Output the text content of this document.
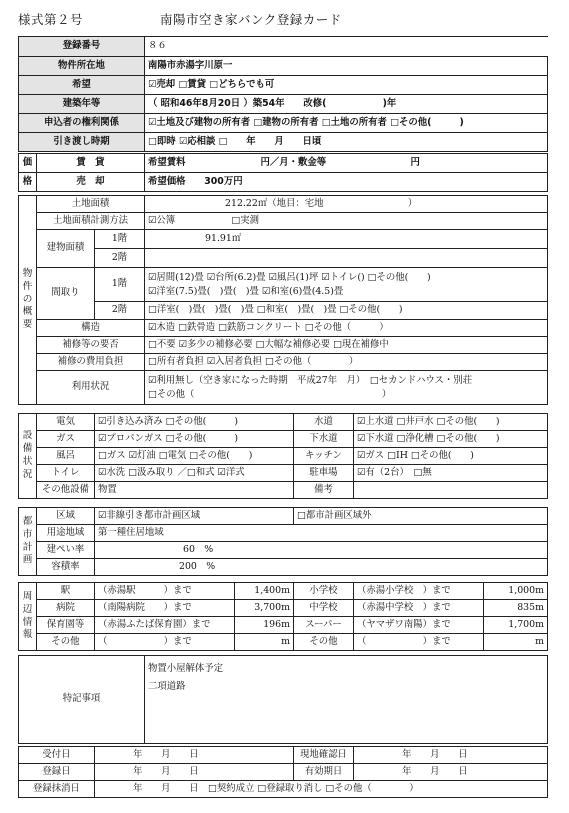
様式第２号	南陽市空き家バンク登録カード
登録番号	８６
物件所在地	南陽市赤湯字川原一
希望	☑売却 □賃貸 □どちらでも可
建築年等	（ 昭和46年8月20日 ）築54年　　改修(　　　　　　)年
申込者の権利関係	☑土地及び建物の所有者 □建物の所有者 □土地の所有者 □その他(　　　)
引き渡し時期	□即時 ☑応相談 □　　年　　月　　日頃
価	賃　貸	希望賃料　　　　　　　　円／月・敷金等　　　　　　　　　円
格	売　却	希望価格　　300万円
物
件
の
概
要	土地面積		212.22㎡（地目：宅地　　　　　　　　　）
	土地面積計測方法		☑公簿　　　　　　□実測
	建物面積	1階	91.91㎡
		2階	
	間取り	1階	☑居間(12)畳 ☑台所(6.2)畳 ☑風呂(1)坪 ☑トイレ() □その他(　　)
☑洋室(7.5)畳(　)畳(　)畳 ☑和室(6)畳(4.5)畳

		2階	□洋室(　)畳(　)畳(　)畳 □和室(　)畳(　)畳 □その他(　　)
	構造		☑木造 □鉄骨造 □鉄筋コンクリート □その他（　　　）
	補修等の要否		□不要 ☑多少の補修必要 □大幅な補修必要 □現在補修中
	補修の費用負担		□所有者負担 ☑入居者負担 □その他（　　　　）
	利用状況		☑利用無し（空き家になった時期　平成27年　月）　□セカンドハウス・別荘
□その他（　　　　　　　　　　　　　　　　　　　　）
設
備
状
況	電気	☑引き込み済み □その他(　　　)	水道	☑上水道 □井戸水 □その他(　　)
	ガス	☑プロパンガス □その他(　　　)	下水道	☑下水道 □浄化槽 □その他(　　)
	風呂	□ガス ☑灯油 □電気 □その他(　　)	キッチン	☑ガス □IH □その他(　　)
	トイレ	☑水洗 □汲み取り ／□和式 ☑洋式	駐車場	☑有（2台）　□無
	その他設備	物置	備考	
都
市
計
画	区域	☑非線引き都市計画区域	□都市計画区域外
	用途地域	第一種住居地域	
	建ぺい率	60　%	
	容積率	200　%	
周
辺
情
報	駅	（赤湯駅　　　）まで	1,400m	小学校	（赤湯小学校　）まで	1,000m
	病院	（南陽病院　　）まで	3,700m	中学校	（赤湯中学校　）まで	835m
	保育園等	（赤湯ふたば保育園）まで	196m	スーパー	（ヤマザワ南陽）まで	1,700m
	その他	（　　　　　　）まで	m	その他	（　　　　　　）まで	m
特記事項	
物置小屋解体予定
二項道路
受付日	年　　月　　日	現地確認日	年　　月　　日
登録日	年　　月　　日	有効期日	年　　月　　日
登録抹消日	年　　月　　日　□契約成立 □登録取り消し □その他（　　　　）		
